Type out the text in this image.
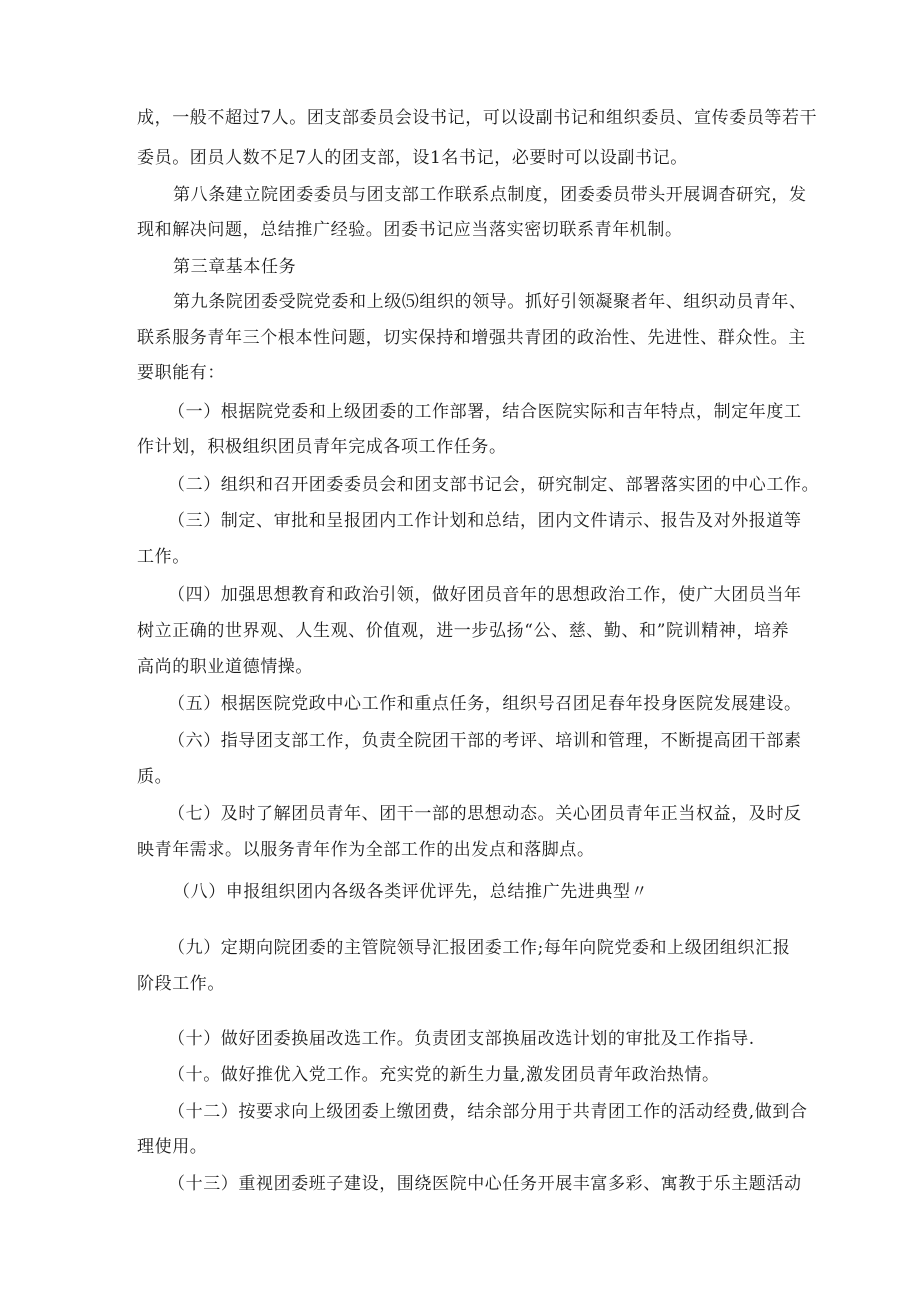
成，一般不超过7人。团支部委员会设书记，可以设副书记和组织委员、宣传委员等若干
委员。团员人数不足7人的团支部，设1名书记，必要时可以设副书记。
第八条建立院团委委员与团支部工作联系点制度，团委委员带头开展调杳研究，发
现和解决问题，总结推广经验。团委书记应当落实密切联系青年机制。
第三章基本任务
第九条院团委受院党委和上级⑸组织的领导。抓好引领凝聚者年、组织动员青年、
联系服务青年三个根本性问题，切实保持和增强共青团的政治性、先进性、群众性。主
要职能有：
（一）根据院党委和上级团委的工作部署，结合医院实际和吉年特点，制定年度工
作计划，积极组织团员青年完成各项工作任务。
（二）组织和召开团委委员会和团支部书记会，研究制定、部署落实团的中心工作。
（三）制定、审批和呈报团内工作计划和总结，团内文件请示、报告及对外报道等
工作。
（四）加强思想教育和政治引领，做好团员音年的思想政治工作，使广大团员当年
树立正确的世界观、人生观、价值观，进一步弘扬“公、慈、勤、和”院训精神，培养
高尚的职业道德情操。
（五）根据医院党政中心工作和重点任务，组织号召团足春年投身医院发展建设。
（六）指导团支部工作，负责全院团干部的考评、培训和管理，不断提高团干部素
质。
（七）及时了解团员青年、团干一部的思想动态。关心团员青年正当权益，及时反
映青年需求。以服务青年作为全部工作的出发点和落脚点。
（八）申报组织团内各级各类评优评先，总结推广先进典型〃
（九）定期向院团委的主管院领导汇报团委工作;每年向院党委和上级团组织汇报
阶段工作。
（十）做好团委换届改选工作。负责团支部换届改选计划的审批及工作指导.
（十。做好推优入党工作。充实党的新生力量,激发团员青年政治热情。
（十二）按要求向上级团委上缴团费，结余部分用于共青团工作的活动经费,做到合
理使用。
（十三）重视团委班子建设，围绕医院中心任务开展丰富多彩、寓教于乐主题活动
